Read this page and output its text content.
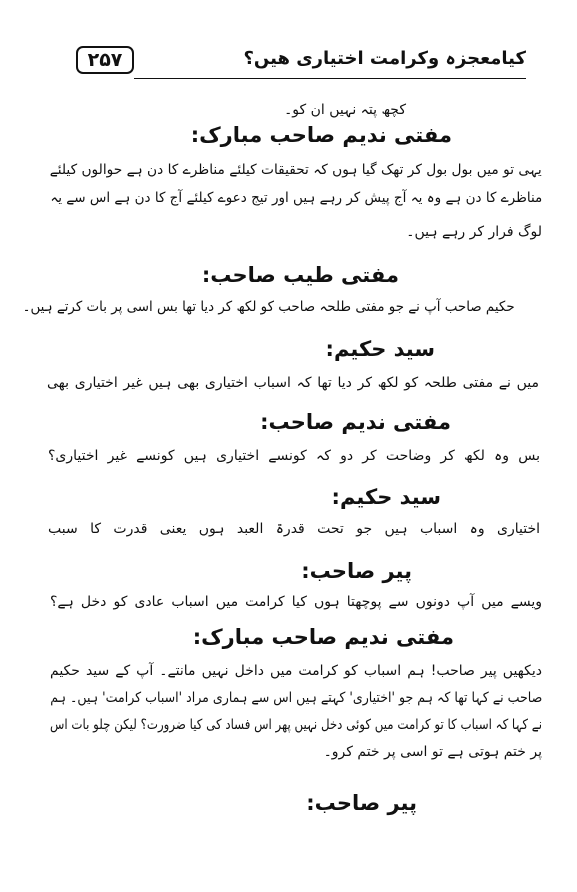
۲۵۷	کیامعجزہ وکرامت اختیاری ھیں؟
کچھ پتہ نہیں ان کو۔
مفتی ندیم صاحب مبارک:
یہی تو میں بول بول کر تھک گیا ہوں کہ تحقیقات کیلئے مناظرے کا دن ہے حوالوں کیلئے
مناظرے کا دن ہے وہ یہ آج پیش کر رہے ہیں اور تیج دعوے کیلئے آج کا دن ہے اس سے یہ
لوگ فرار کر رہے ہیں۔
مفتی طیب صاحب:
حکیم صاحب آپ نے جو مفتی طلحہ صاحب کو لکھ کر دیا تھا بس اسی پر بات کرتے ہیں۔
سید حکیم:
میں نے مفتی طلحہ کو لکھ کر دیا تھا کہ اسباب اختیاری بھی ہیں غیر اختیاری بھی
مفتی ندیم صاحب:
بس وہ لکھ کر وضاحت کر دو کہ کونسے اختیاری ہیں کونسے غیر اختیاری؟
سید حکیم:
اختیاری وہ اسباب ہیں جو تحت قدرۃ العبد ہوں یعنی قدرت کا سبب
پیر صاحب:
ویسے میں آپ دونوں سے پوچھتا ہوں کیا کرامت میں اسباب عادی کو دخل ہے؟
مفتی ندیم صاحب مبارک:
دیکھیں پیر صاحب! ہم اسباب کو کرامت میں داخل نہیں مانتے۔ آپ کے سید حکیم
صاحب نے کہا تھا کہ ہم جو 'اختیاری' کہتے ہیں اس سے ہماری مراد 'اسباب کرامت' ہیں۔ ہم
نے کہا کہ اسباب کا تو کرامت میں کوئی دخل نہیں پھر اس فساد کی کیا ضرورت؟ لیکن چلو بات اس
پر ختم ہوتی ہے تو اسی پر ختم کرو۔
پیر صاحب:
